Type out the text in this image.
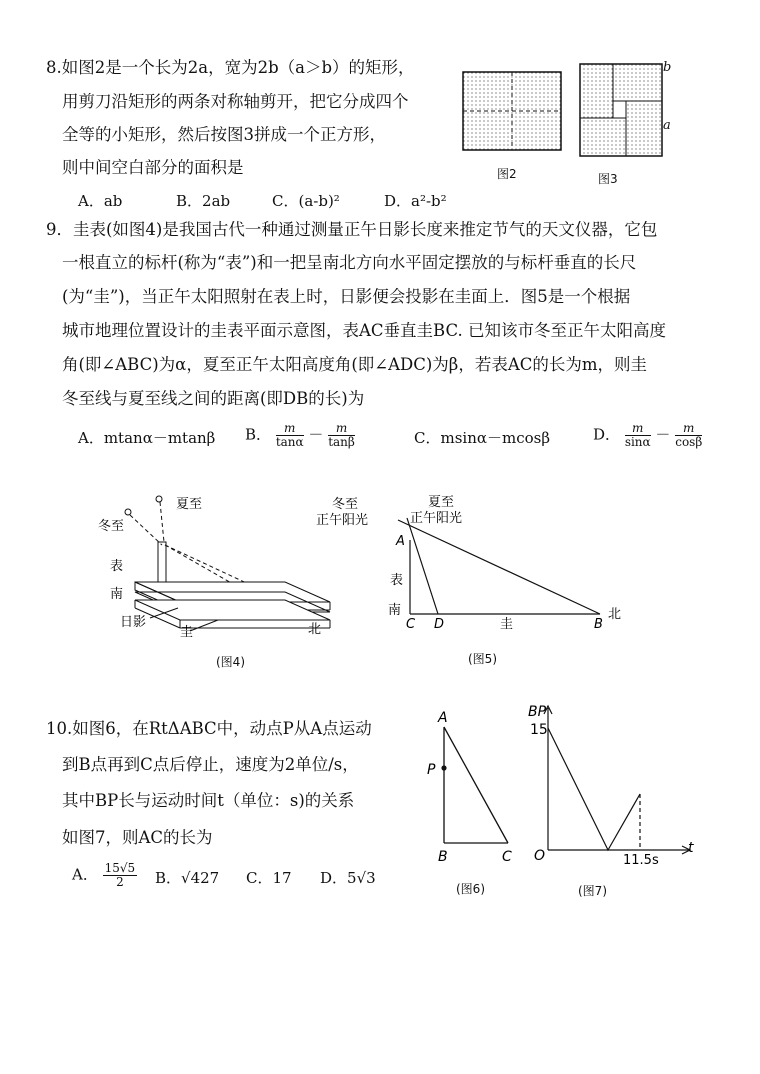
8.如图2是一个长为2a，宽为2b（a＞b）的矩形，
用剪刀沿矩形的两条对称轴剪开，把它分成四个
全等的小矩形，然后按图3拼成一个正方形，
则中间空白部分的面积是
A．ab	B．2ab	C．(a-b)²	D．a²-b²
b
a
图2	图3
9．圭表(如图4)是我国古代一种通过测量正午日影长度来推定节气的天文仪器，它包
一根直立的标杆(称为“表”)和一把呈南北方向水平固定摆放的与标杆垂直的长尺
(为“圭”)，当正午太阳照射在表上时，日影便会投影在圭面上．图5是一个根据
城市地理位置设计的圭表平面示意图，表AC垂直圭BC. 已知该市冬至正午太阳高度
角(即∠ABC)为α，夏至正午太阳高度角(即∠ADC)为β，若表AC的长为m，则圭
冬至线与夏至线之间的距离(即DB的长)为
A．mtanα－mtanβ B． $\frac{m}{\tan\alpha} - \frac{m}{\tan\beta}$	C．msinα－mcosβ	D． $\frac{m}{\sin\alpha} - \frac{m}{\cos\beta}$
夏至
冬至
表
南
日影
圭	北
(图4)
冬至
正午阳光
夏至
正午阳光
A
表
南
C D	圭	B
北
(图5)
10.如图6，在RtΔABC中，动点P从A点运动
到B点再到C点后停止，速度为2单位/s，
其中BP长与运动时间t（单位：s)的关系
如图7，则AC的长为
A． $\frac{15√5}{2}$ B．√427 C．17 D．5√3
A
P
B	C
(图6)
BP
15
O	11.5s
t
(图7)
